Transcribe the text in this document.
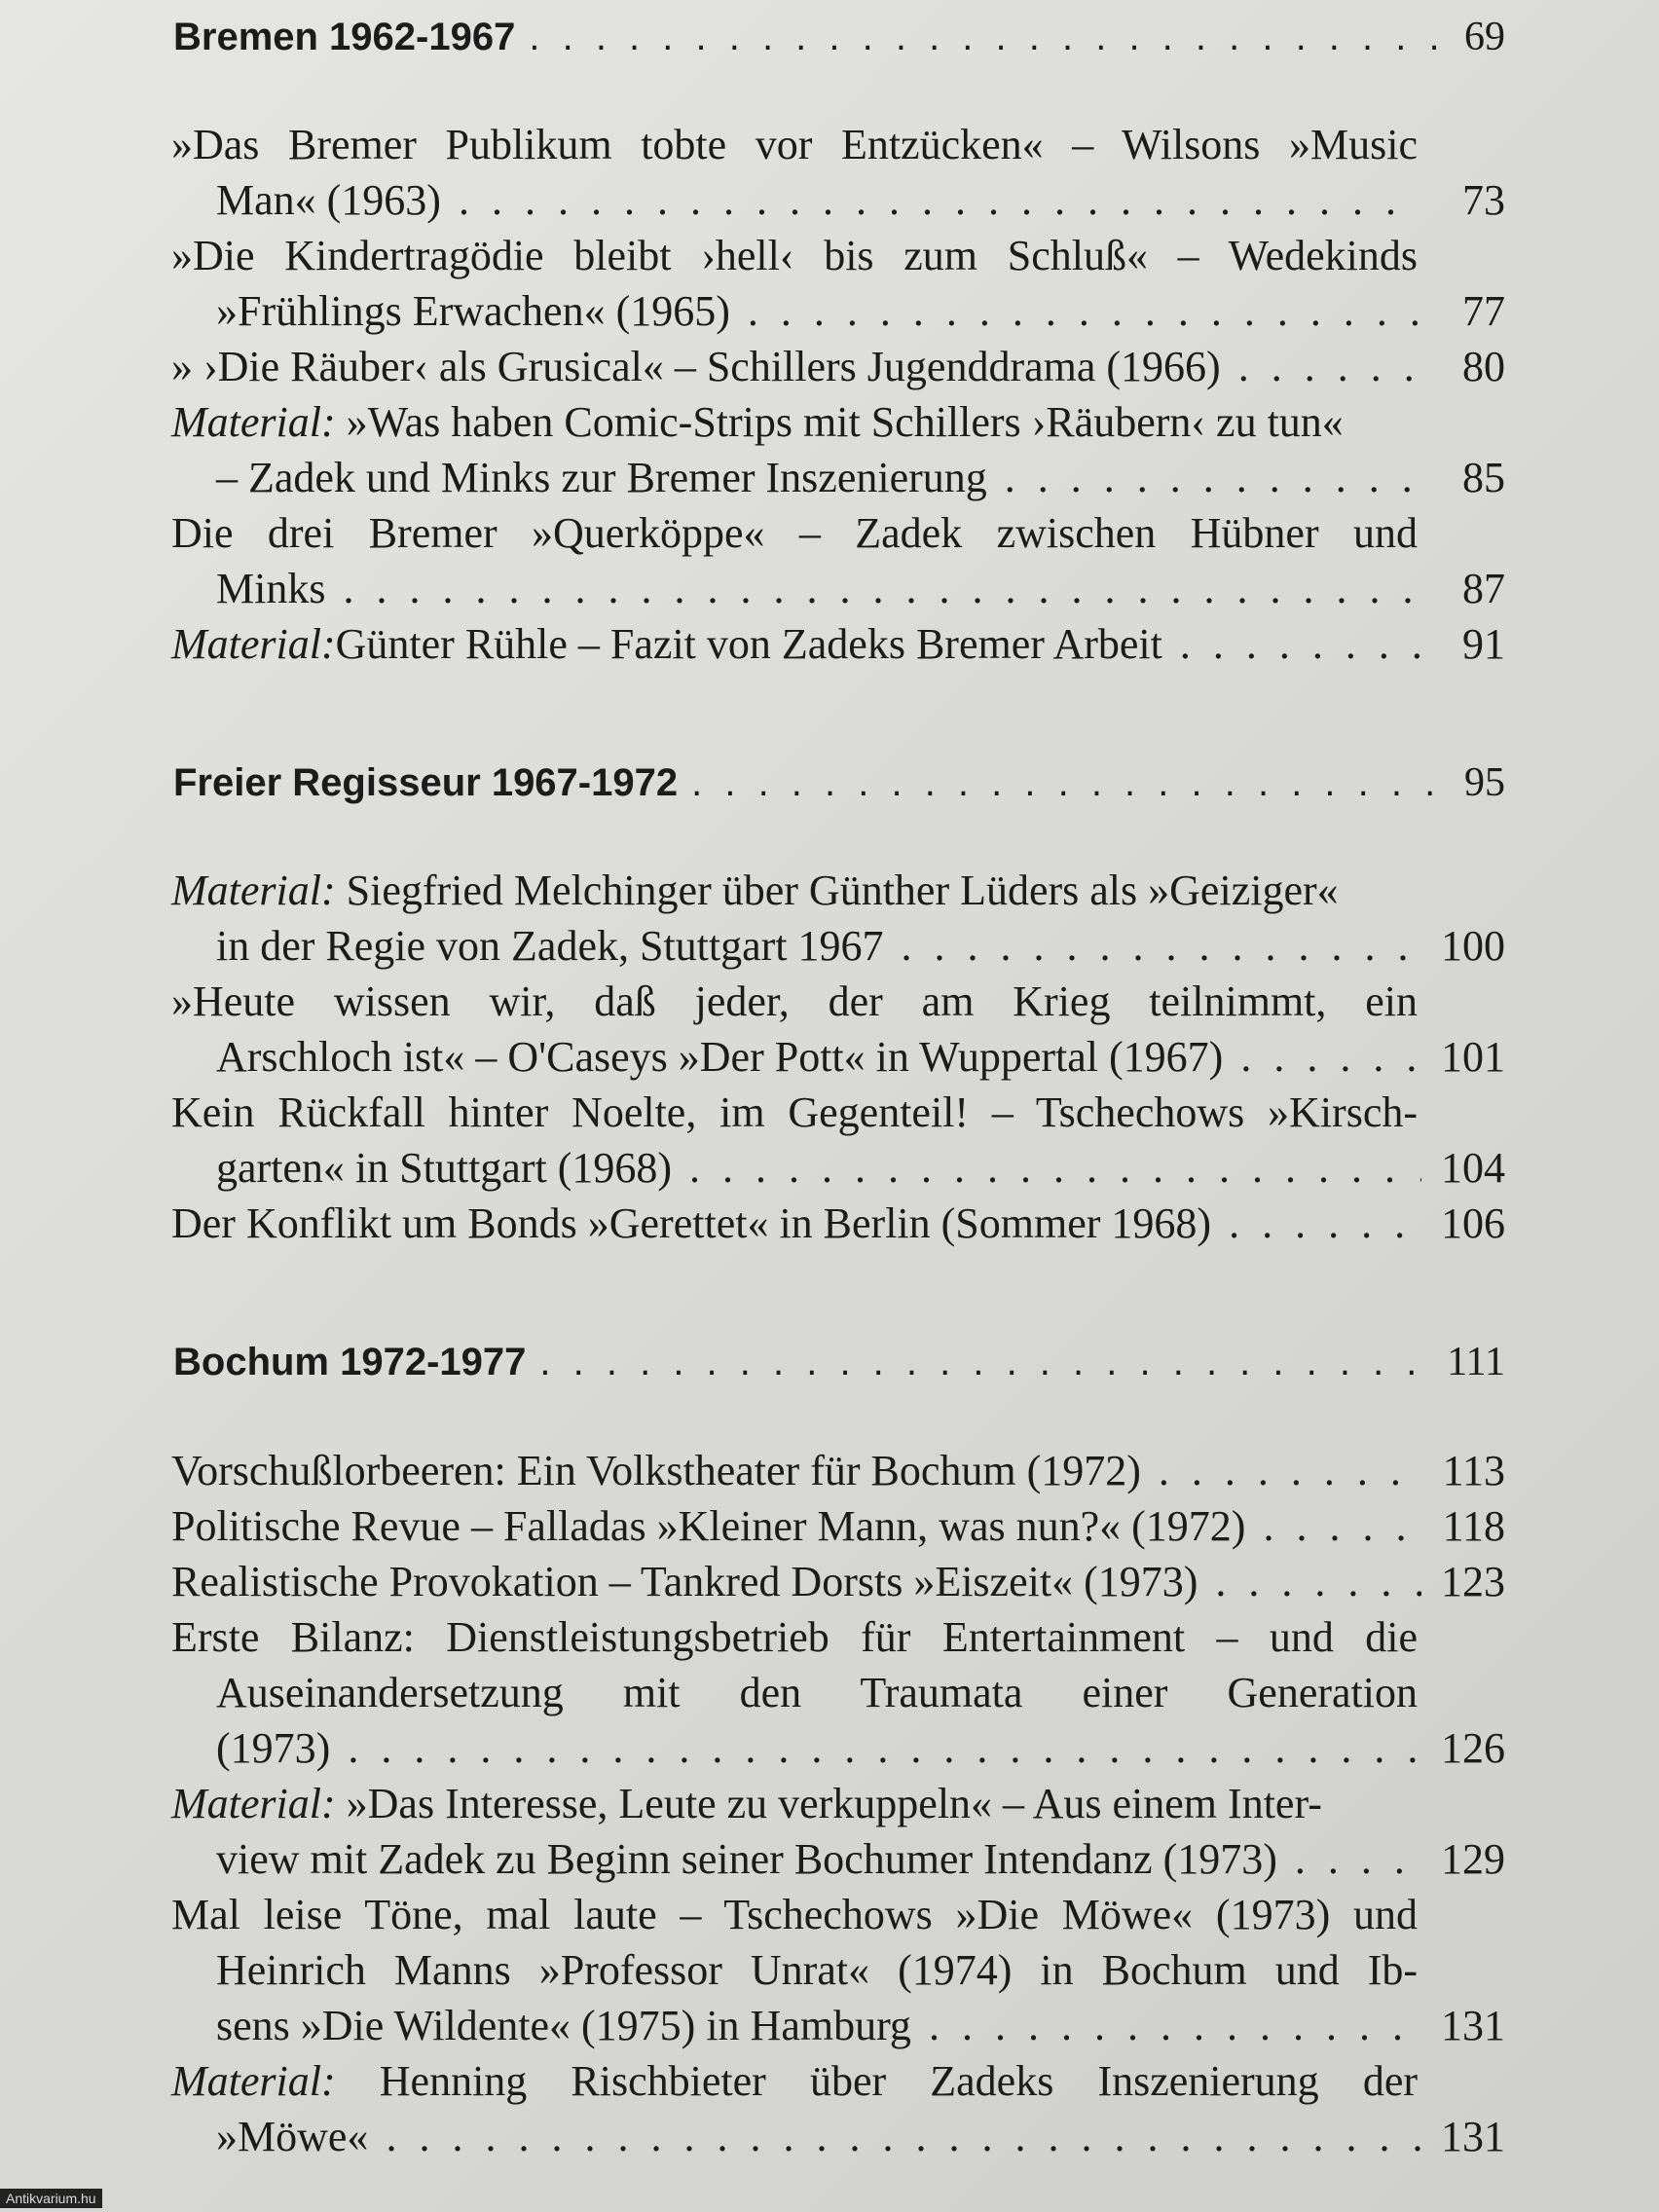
Bremen 1962-1967 . . .	69
»Das Bremer Publikum tobte vor Entzücken« – Wilsons »Music
Man« (1963) . . .	73
»Die Kindertragödie bleibt ›hell‹ bis zum Schluß« – Wedekinds
»Frühlings Erwachen« (1965) . . .	77
» ›Die Räuber‹ als Grusical« – Schillers Jugenddrama (1966) . . .	80
Material: »Was haben Comic-Strips mit Schillers ›Räubern‹ zu tun«
– Zadek und Minks zur Bremer Inszenierung . . .	85
Die drei Bremer »Querköppe« – Zadek zwischen Hübner und
Minks . . .	87
Material: Günter Rühle – Fazit von Zadeks Bremer Arbeit . . .	91
Freier Regisseur 1967-1972 . . .	95
Material: Siegfried Melchinger über Günther Lüders als »Geiziger«
in der Regie von Zadek, Stuttgart 1967 . . .	100
»Heute wissen wir, daß jeder, der am Krieg teilnimmt, ein
Arschloch ist« – O'Caseys »Der Pott« in Wuppertal (1967) . . .	101
Kein Rückfall hinter Noelte, im Gegenteil! – Tschechows »Kirsch-
garten« in Stuttgart (1968) . . .	104
Der Konflikt um Bonds »Gerettet« in Berlin (Sommer 1968) . . .	106
Bochum 1972-1977 . . .	111
Vorschußlorbeeren: Ein Volkstheater für Bochum (1972) . . .	113
Politische Revue – Falladas »Kleiner Mann, was nun?« (1972) . . .	118
Realistische Provokation – Tankred Dorsts »Eiszeit« (1973) . . .	123
Erste Bilanz: Dienstleistungsbetrieb für Entertainment – und die
Auseinandersetzung mit den Traumata einer Generation
(1973) . . .	126
Material: »Das Interesse, Leute zu verkuppeln« – Aus einem Inter-
view mit Zadek zu Beginn seiner Bochumer Intendanz (1973) . . .	129
Mal leise Töne, mal laute – Tschechows »Die Möwe« (1973) und
Heinrich Manns »Professor Unrat« (1974) in Bochum und Ib-
sens »Die Wildente« (1975) in Hamburg . . .	131
Material: Henning Rischbieter über Zadeks Inszenierung der
»Möwe« . . .	131
Antikvarium.hu
